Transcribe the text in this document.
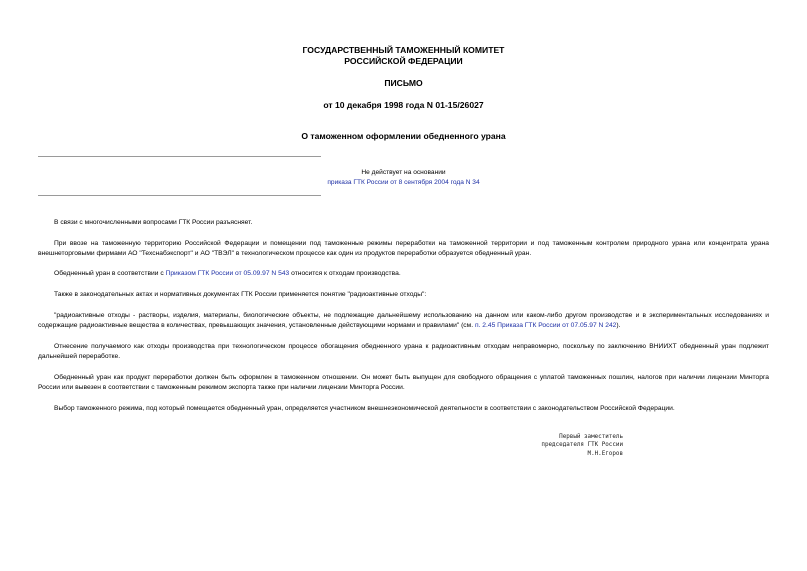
ГОСУДАРСТВЕННЫЙ ТАМОЖЕННЫЙ КОМИТЕТ
РОССИЙСКОЙ ФЕДЕРАЦИИ
ПИСЬМО
от 10 декабря 1998 года N 01-15/26027
О таможенном оформлении обедненного урана
Не действует на основании
приказа ГТК России от 8 сентября 2004 года N 34

В связи с многочисленными вопросами ГТК России разъясняет.

При ввозе на таможенную территорию Российской Федерации и помещении под таможенные режимы переработки на таможенной территории и под таможенным контролем природного урана или концентрата урана внешнеторговыми фирмами АО "Техснабэкспорт" и АО "ТВЭЛ" в технологическом процессе как один из продуктов переработки образуется обедненный уран.

Обедненный уран в соответствии с Приказом ГТК России от 05.09.97 N 543 относится к отходам производства.

Также в законодательных актах и нормативных документах ГТК России применяется понятие "радиоактивные отходы":

"радиоактивные отходы - растворы, изделия, материалы, биологические объекты, не подлежащие дальнейшему использованию на данном или каком-либо другом производстве и в экспериментальных исследованиях и содержащие радиоактивные вещества в количествах, превышающих значения, установленные действующими нормами и правилами" (см. п. 2.45 Приказа ГТК России от 07.05.97 N 242).

Отнесение получаемого как отходы производства при технологическом процессе обогащения обедненного урана к радиоактивным отходам неправомерно, поскольку по заключению ВНИИХТ обедненный уран подлежит дальнейшей переработке.

Обедненный уран как продукт переработки должен быть оформлен в таможенном отношении. Он может быть выпущен для свободного обращения с уплатой таможенных пошлин, налогов при наличии лицензии Минторга России или вывезен в соответствии с таможенным режимом экспорта также при наличии лицензии Минторга России.

Выбор таможенного режима, под который помещается обедненный уран, определяется участником внешнеэкономической деятельности в соответствии с законодательством Российской Федерации.

Первый заместитель
председателя ГТК России
М.Н.Егоров
